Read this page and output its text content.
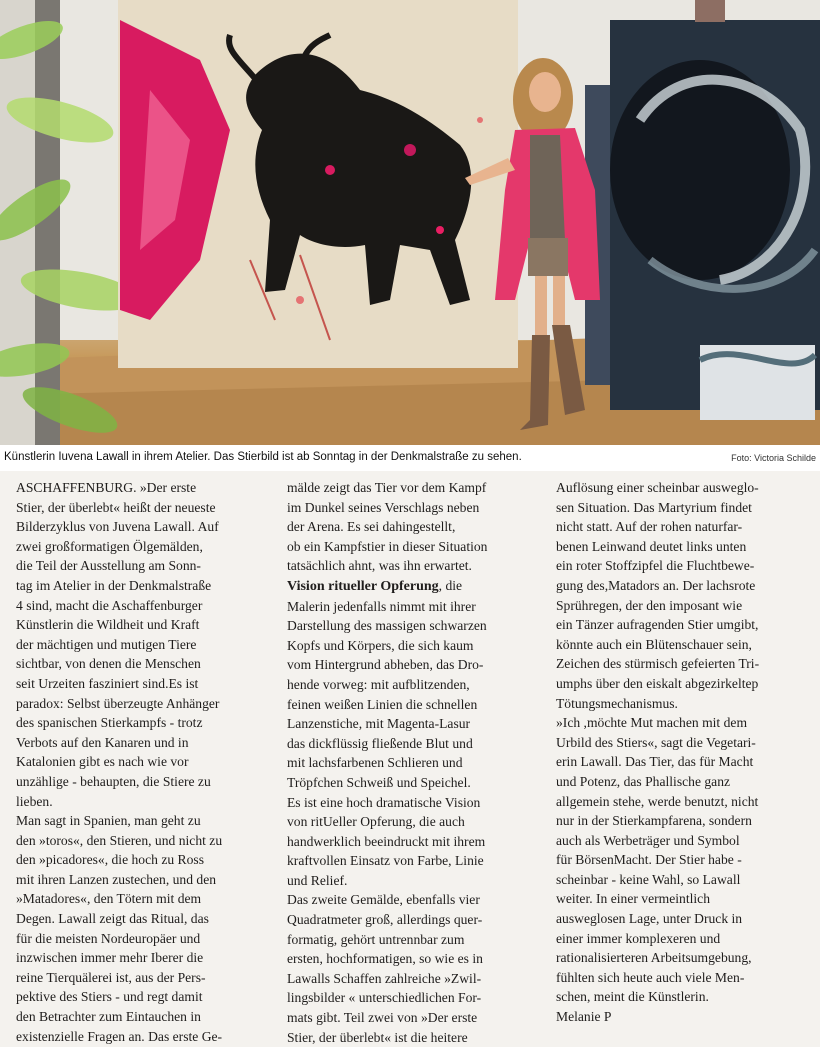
Künstlerin Iuvena Lawall in ihrem Atelier. Das Stierbild ist ab Sonntag in der Denkmalstraße zu sehen.	Foto: Victoria Schilde
ASCHAFFENBURG. »Der erste
Stier, der überlebt« heißt der neueste
Bilderzyklus von Juvena Lawall. Auf
zwei großformatigen Ölgemälden,
die Teil der Ausstellung am Sonn-
tag im Atelier in der Denkmalstraße
4 sind, macht die Aschaffenburger
Künstlerin die Wildheit und Kraft
der mächtigen und mutigen Tiere
sichtbar, von denen die Menschen
seit Urzeiten fasziniert sind.Es ist
paradox: Selbst überzeugte Anhänger
des spanischen Stierkampfs - trotz
Verbots auf den Kanaren und in
Katalonien gibt es nach wie vor
unzählige - behaupten, die Stiere zu
lieben.
Man sagt in Spanien, man geht zu
den »toros«, den Stieren, und nicht zu
den »picadores«, die hoch zu Ross
mit ihren Lanzen zustechen, und den
»Matadores«, den Tötern mit dem
Degen. Lawall zeigt das Ritual, das
für die meisten Nordeuropäer und
inzwischen immer mehr Iberer die
reine Tierquälerei ist, aus der Pers-
pektive des Stiers - und regt damit
den Betrachter zum Eintauchen in
existenzielle Fragen an. Das erste Ge-
mälde zeigt das Tier vor dem Kampf
im Dunkel seines Verschlags neben
der Arena. Es sei dahingestellt,
ob ein Kampfstier in dieser Situation
tatsächlich ahnt, was ihn erwartet.
Vision ritueller Opferung, die
Malerin jedenfalls nimmt mit ihrer
Darstellung des massigen schwarzen
Kopfs und Körpers, die sich kaum
vom Hintergrund abheben, das Dro-
hende vorweg: mit aufblitzenden,
feinen weißen Linien die schnellen
Lanzenstiche, mit Magenta-Lasur
das dickflüssig fließende Blut und
mit lachsfarbenen Schlieren und
Tröpfchen Schweiß und Speichel.
Es ist eine hoch dramatische Vision
von ritUeller Opferung, die auch
handwerklich beeindruckt mit ihrem
kraftvollen Einsatz von Farbe, Linie
und Relief.
Das zweite Gemälde, ebenfalls vier
Quadratmeter groß, allerdings quer-
formatig, gehört untrennbar zum
ersten, hochformatigen, so wie es in
Lawalls Schaffen zahlreiche »Zwil-
lingsbilder « unterschiedlichen For-
mats gibt. Teil zwei von »Der erste
Stier, der überlebt« ist die heitere
Auflösung einer scheinbar ausweglo-
sen Situation. Das Martyrium findet
nicht statt. Auf der rohen naturfar-
benen Leinwand deutet links unten
ein roter Stoffzipfel die Fluchtbewe-
gung des,Matadors an. Der lachsrote
Sprühregen, der den imposant wie
ein Tänzer aufragenden Stier umgibt,
könnte auch ein Blütenschauer sein,
Zeichen des stürmisch gefeierten Tri-
umphs über den eiskalt abgezirkeltep
Tötungsmechanismus.
»Ich ,möchte Mut machen mit dem
Urbild des Stiers«, sagt die Vegetari-
erin Lawall. Das Tier, das für Macht
und Potenz, das Phallische ganz
allgemein stehe, werde benutzt, nicht
nur in der Stierkampfarena, sondern
auch als Werbeträger und Symbol
für BörsenMacht. Der Stier habe -
scheinbar - keine Wahl, so Lawall
weiter. In einer vermeintlich
ausweglosen Lage, unter Druck in
einer immer komplexeren und
rationalisierteren Arbeitsumgebung,
fühlten sich heute auch viele Men-
schen, meint die Künstlerin.
Melanie P
